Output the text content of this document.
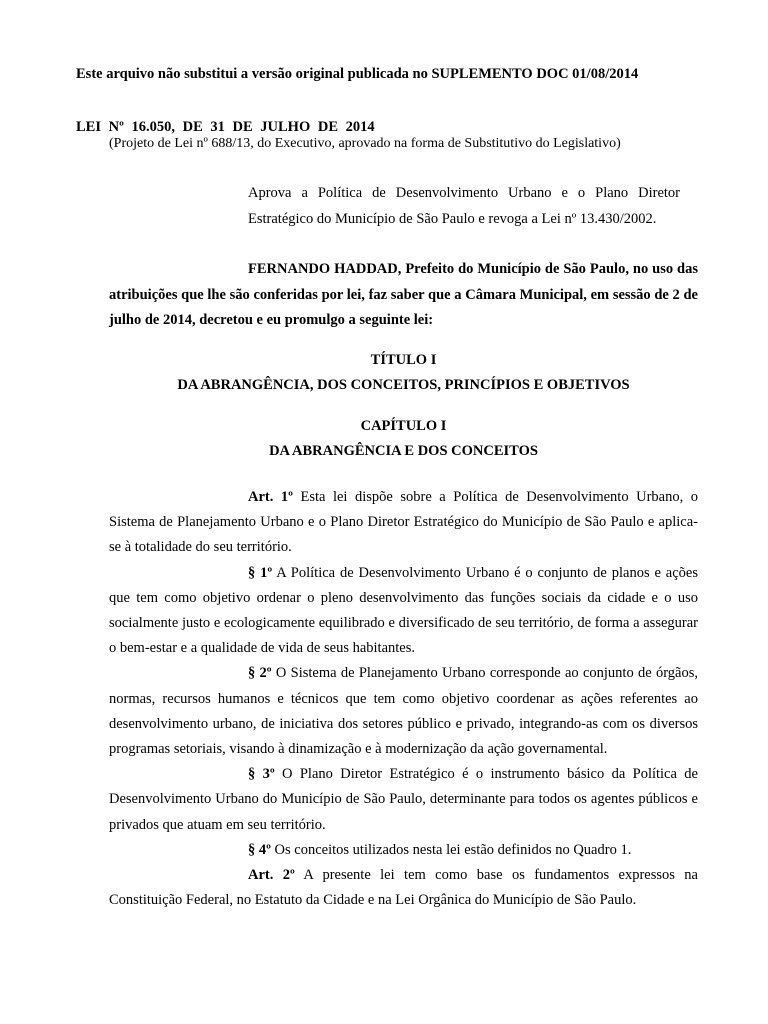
Este arquivo não substitui a versão original publicada no SUPLEMENTO DOC 01/08/2014
LEI Nº 16.050, DE 31 DE JULHO DE 2014
(Projeto de Lei nº 688/13, do Executivo, aprovado na forma de Substitutivo do Legislativo)
Aprova a Política de Desenvolvimento Urbano e o Plano Diretor Estratégico do Município de São Paulo e revoga a Lei nº 13.430/2002.
FERNANDO HADDAD, Prefeito do Município de São Paulo, no uso das atribuições que lhe são conferidas por lei, faz saber que a Câmara Municipal, em sessão de 2 de julho de 2014, decretou e eu promulgo a seguinte lei:
TÍTULO I
DA ABRANGÊNCIA, DOS CONCEITOS, PRINCÍPIOS E OBJETIVOS
CAPÍTULO I
DA ABRANGÊNCIA E DOS CONCEITOS

Art. 1º Esta lei dispõe sobre a Política de Desenvolvimento Urbano, o Sistema de Planejamento Urbano e o Plano Diretor Estratégico do Município de São Paulo e aplica-se à totalidade do seu território.

§ 1º A Política de Desenvolvimento Urbano é o conjunto de planos e ações que tem como objetivo ordenar o pleno desenvolvimento das funções sociais da cidade e o uso socialmente justo e ecologicamente equilibrado e diversificado de seu território, de forma a assegurar o bem-estar e a qualidade de vida de seus habitantes.

§ 2º O Sistema de Planejamento Urbano corresponde ao conjunto de órgãos, normas, recursos humanos e técnicos que tem como objetivo coordenar as ações referentes ao desenvolvimento urbano, de iniciativa dos setores público e privado, integrando-as com os diversos programas setoriais, visando à dinamização e à modernização da ação governamental.

§ 3º O Plano Diretor Estratégico é o instrumento básico da Política de Desenvolvimento Urbano do Município de São Paulo, determinante para todos os agentes públicos e privados que atuam em seu território.

§ 4º Os conceitos utilizados nesta lei estão definidos no Quadro 1.

Art. 2º A presente lei tem como base os fundamentos expressos na Constituição Federal, no Estatuto da Cidade e na Lei Orgânica do Município de São Paulo.
